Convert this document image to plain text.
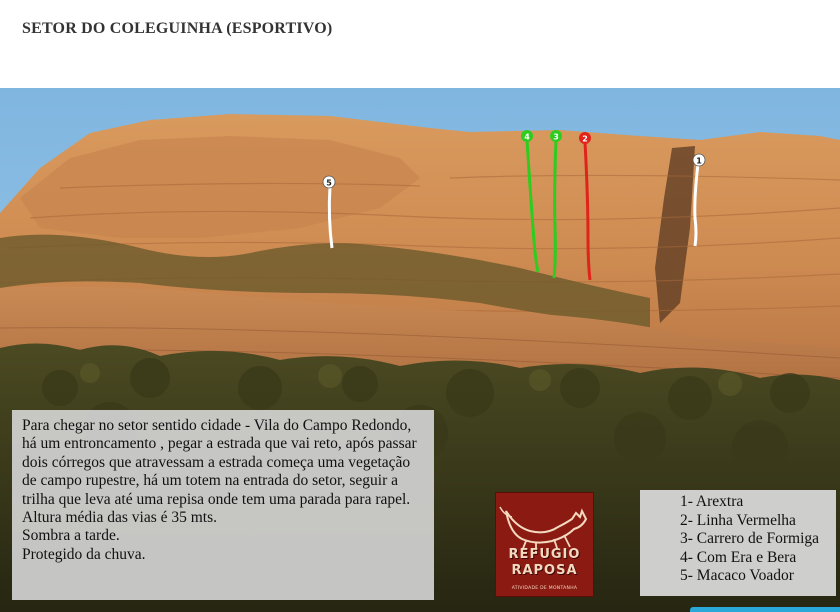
SETOR DO COLEGUINHA (ESPORTIVO)
5
4	3	2
1

Para chegar no setor sentido cidade - Vila do Campo Redondo, há um entroncamento , pegar a estrada que vai reto, após passar dois córregos que atravessam a estrada começa uma vegetação de campo rupestre, há um totem na entrada do setor, seguir a trilha que leva até uma repisa onde tem uma parada para rapel.

Altura média das vias é 35 mts.

Sombra a tarde.

Protegido da chuva.	REFUGIO
RAPOSA
ATIVIDADE DE MONTANHA
1- Arextra
2- Linha Vermelha
3- Carrero de Formiga
4- Com Era e Bera
5- Macaco Voador
